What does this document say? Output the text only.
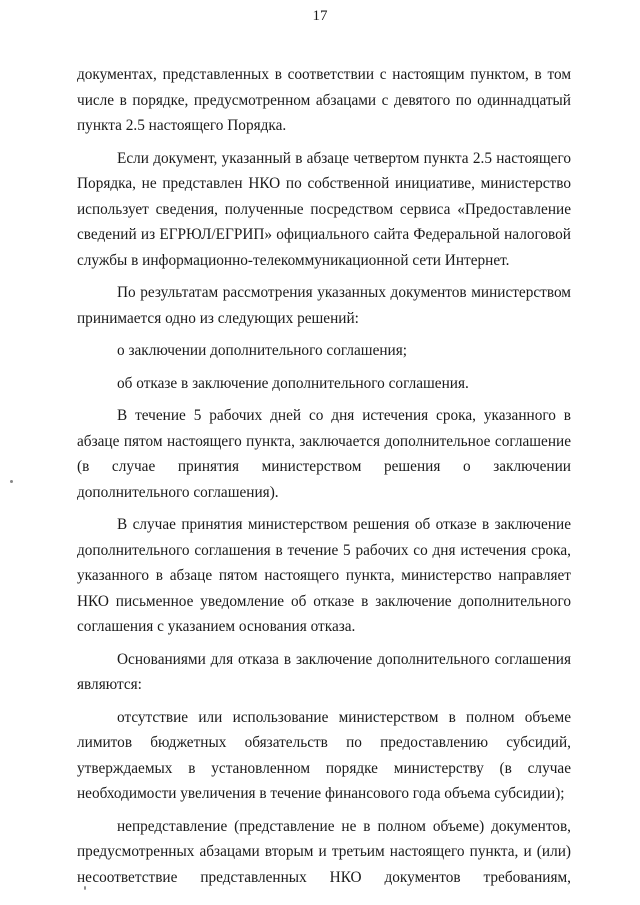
17

документах, представленных в соответствии с настоящим пунктом, в том числе в порядке, предусмотренном абзацами с девятого по одиннадцатый пункта 2.5 настоящего Порядка.

Если документ, указанный в абзаце четвертом пункта 2.5 настоящего Порядка, не представлен НКО по собственной инициативе, министерство использует сведения, полученные посредством сервиса «Предоставление сведений из ЕГРЮЛ/ЕГРИП» официального сайта Федеральной налоговой службы в информационно-телекоммуникационной сети Интернет.

По результатам рассмотрения указанных документов министерством принимается одно из следующих решений:

о заключении дополнительного соглашения;

об отказе в заключение дополнительного соглашения.

В течение 5 рабочих дней со дня истечения срока, указанного в абзаце пятом настоящего пункта, заключается дополнительное соглашение (в случае принятия министерством решения о заключении дополнительного соглашения).

В случае принятия министерством решения об отказе в заключение дополнительного соглашения в течение 5 рабочих со дня истечения срока, указанного в абзаце пятом настоящего пункта, министерство направляет НКО письменное уведомление об отказе в заключение дополнительного соглашения с указанием основания отказа.

Основаниями для отказа в заключение дополнительного соглашения являются:

отсутствие или использование министерством в полном объеме лимитов бюджетных обязательств по предоставлению субсидий, утверждаемых в установленном порядке министерству (в случае необходимости увеличения в течение финансового года объема субсидии);

непредставление (представление не в полном объеме) документов, предусмотренных абзацами вторым и третьим настоящего пункта, и (или) несоответствие представленных НКО документов требованиям,
